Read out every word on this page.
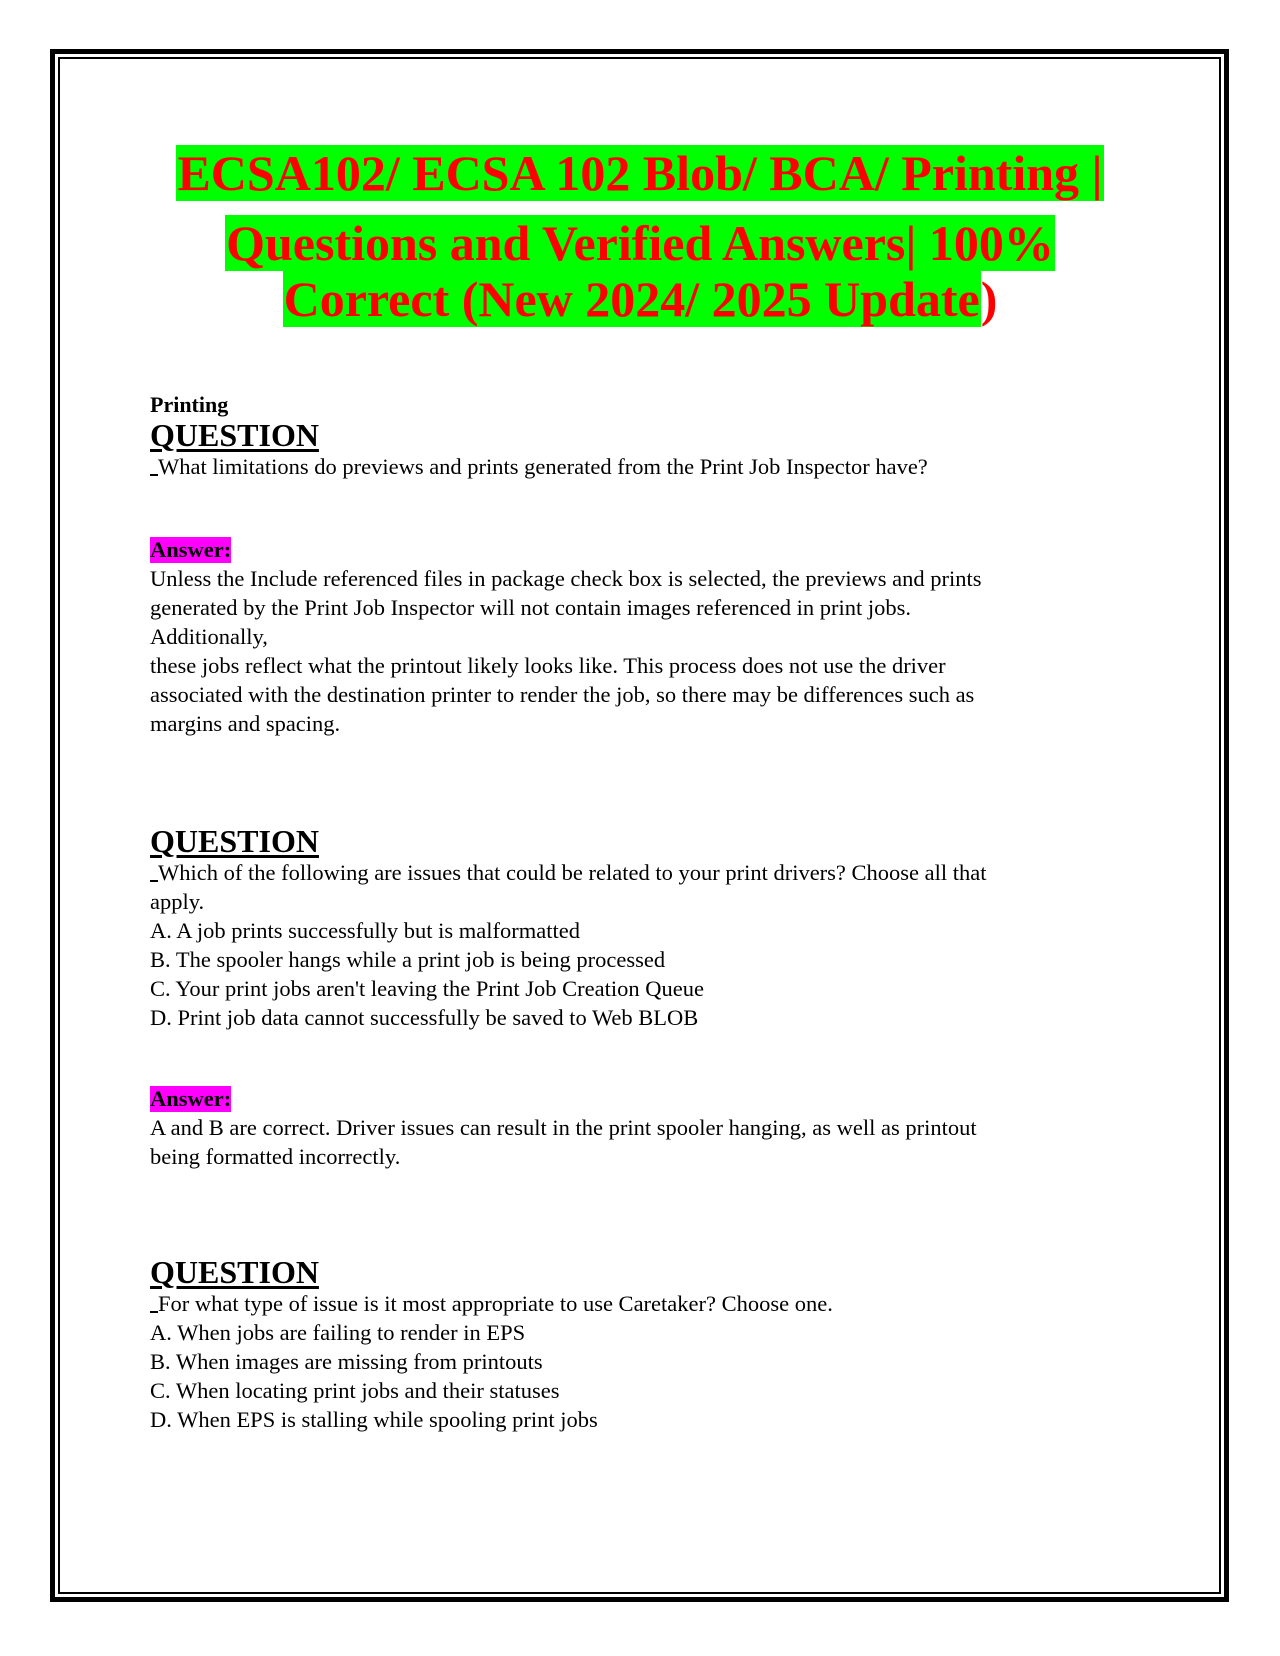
ECSA102/ ECSA 102 Blob/ BCA/ Printing |
Questions and Verified Answers| 100%
Correct (New 2024/ 2025 Update)
Printing
QUESTION
What limitations do previews and prints generated from the Print Job Inspector have?
Answer:
Unless the Include referenced files in package check box is selected, the previews and prints
generated by the Print Job Inspector will not contain images referenced in print jobs.
Additionally,
these jobs reflect what the printout likely looks like. This process does not use the driver
associated with the destination printer to render the job, so there may be differences such as
margins and spacing.
QUESTION
Which of the following are issues that could be related to your print drivers? Choose all that
apply.
A. A job prints successfully but is malformatted
B. The spooler hangs while a print job is being processed
C. Your print jobs aren't leaving the Print Job Creation Queue
D. Print job data cannot successfully be saved to Web BLOB
Answer:
A and B are correct. Driver issues can result in the print spooler hanging, as well as printout
being formatted incorrectly.
QUESTION
For what type of issue is it most appropriate to use Caretaker? Choose one.
A. When jobs are failing to render in EPS
B. When images are missing from printouts
C. When locating print jobs and their statuses
D. When EPS is stalling while spooling print jobs
